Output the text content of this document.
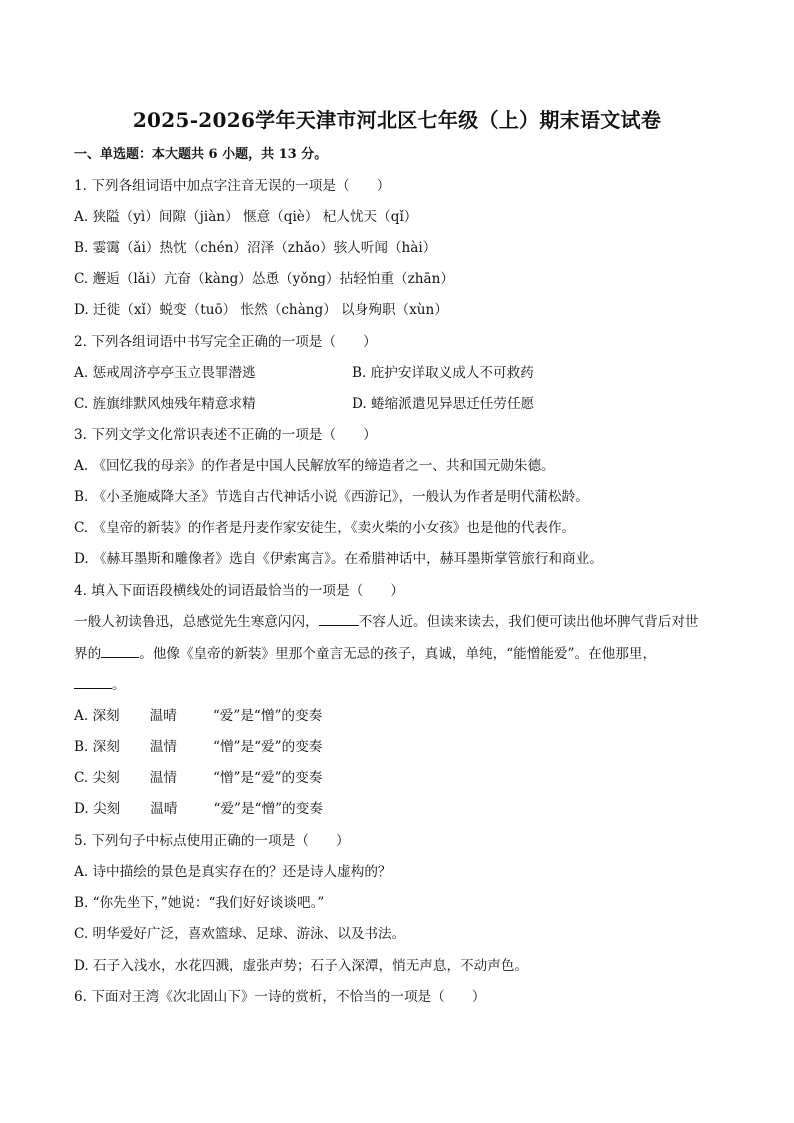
2025-2026学年天津市河北区七年级（上）期末语文试卷
一、单选题：本大题共 6 小题，共 13 分。
1. 下列各组词语中加点字注音无误的一项是（　　）
A. 狭隘（yì）间隙（jiàn） 惬意（qiè） 杞人忧天（qǐ）
B. 霎霭（ǎi）热忱（chén）沼泽（zhǎo）骇人听闻（hài）
C. 邂逅（lǎi）亢奋（kàng）怂恿（yǒng）拈轻怕重（zhān）
D. 迁徙（xǐ）蜕变（tuō） 怅然（chàng） 以身殉职（xùn）
2. 下列各组词语中书写完全正确的一项是（　　）
A. 惩戒周济亭亭玉立畏罪潜逃	B. 庇护安详取义成人不可救药
C. 旌旗绯默风烛残年精意求精	D. 蜷缩派遣见异思迁任劳任愿
3. 下列文学文化常识表述不正确的一项是（　　）
A. 《回忆我的母亲》的作者是中国人民解放军的缔造者之一、共和国元勋朱德。
B. 《小圣施威降大圣》节选自古代神话小说《西游记》，一般认为作者是明代蒲松龄。
C. 《皇帝的新装》的作者是丹麦作家安徒生，《卖火柴的小女孩》也是他的代表作。
D. 《赫耳墨斯和雕像者》选自《伊索寓言》。在希腊神话中，赫耳墨斯掌管旅行和商业。
4. 填入下面语段横线处的词语最恰当的一项是（　　）
一般人初读鲁迅，总感觉先生寒意闪闪，	不容人近。但读来读去，我们便可读出他坏脾气背后对世
界的	。他像《皇帝的新装》里那个童言无忌的孩子，真诚，单纯，“能憎能爱”。在他那里，
。
A. 深刻 温晴	“爱”是“憎”的变奏
B. 深刻 温情	“憎”是“爱”的变奏
C. 尖刻 温情	“憎”是“爱”的变奏
D. 尖刻 温晴	“爱”是“憎”的变奏
5. 下列句子中标点使用正确的一项是（　　）
A. 诗中描绘的景色是真实存在的？还是诗人虚构的？
B. “你先坐下，”她说：“我们好好谈谈吧。”
C. 明华爱好广泛，喜欢篮球、足球、游泳、以及书法。
D. 石子入浅水，水花四溅，虚张声势；石子入深潭，悄无声息，不动声色。
6. 下面对王湾《次北固山下》一诗的赏析，不恰当的一项是（　　）
